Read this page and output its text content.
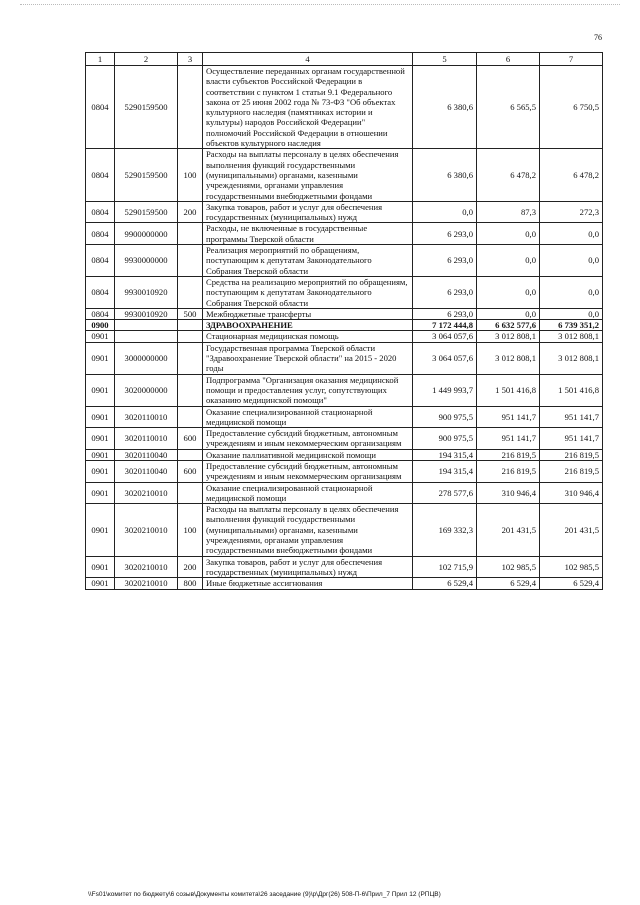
76
1	2	3	4	5	6	7
0804	5290159500		Осуществление переданных органам государственной власти субъектов Российской Федерации в соответствии с пунктом 1 статьи 9.1 Федерального закона от 25 июня 2002 года № 73-ФЗ "Об объектах культурного наследия (памятниках истории и культуры) народов Российской Федерации" полномочий Российской Федерации в отношении объектов культурного наследия	6 380,6	6 565,5	6 750,5
0804	5290159500	100	Расходы на выплаты персоналу в целях обеспечения выполнения функций государственными (муниципальными) органами, казенными учреждениями, органами управления государственными внебюджетными фондами	6 380,6	6 478,2	6 478,2
0804	5290159500	200	Закупка товаров, работ и услуг для обеспечения государственных (муниципальных) нужд	0,0	87,3	272,3
0804	9900000000		Расходы, не включенные в государственные программы Тверской области	6 293,0	0,0	0,0
0804	9930000000		Реализация мероприятий по обращениям, поступающим к депутатам Законодательного Собрания Тверской области	6 293,0	0,0	0,0
0804	9930010920		Средства на реализацию мероприятий по обращениям, поступающим к депутатам Законодательного Собрания Тверской области	6 293,0	0,0	0,0
0804	9930010920	500	Межбюджетные трансферты	6 293,0	0,0	0,0
0900			ЗДРАВООХРАНЕНИЕ	7 172 444,8	6 632 577,6	6 739 351,2
0901			Стационарная медицинская помощь	3 064 057,6	3 012 808,1	3 012 808,1
0901	3000000000		Государственная программа Тверской области "Здравоохранение Тверской области" на 2015 - 2020 годы	3 064 057,6	3 012 808,1	3 012 808,1
0901	3020000000		Подпрограмма "Организация оказания медицинской помощи и предоставления услуг, сопутствующих оказанию медицинской помощи"	1 449 993,7	1 501 416,8	1 501 416,8
0901	3020110010		Оказание специализированной стационарной медицинской помощи	900 975,5	951 141,7	951 141,7
0901	3020110010	600	Предоставление субсидий бюджетным, автономным учреждениям и иным некоммерческим организациям	900 975,5	951 141,7	951 141,7
0901	3020110040		Оказание паллиативной медицинской помощи	194 315,4	216 819,5	216 819,5
0901	3020110040	600	Предоставление субсидий бюджетным, автономным учреждениям и иным некоммерческим организациям	194 315,4	216 819,5	216 819,5
0901	3020210010		Оказание специализированной стационарной медицинской помощи	278 577,6	310 946,4	310 946,4
0901	3020210010	100	Расходы на выплаты персоналу в целях обеспечения выполнения функций государственными (муниципальными) органами, казенными учреждениями, органами управления государственными внебюджетными фондами	169 332,3	201 431,5	201 431,5
0901	3020210010	200	Закупка товаров, работ и услуг для обеспечения государственных (муниципальных) нужд	102 715,9	102 985,5	102 985,5
0901	3020210010	800	Иные бюджетные ассигнования	6 529,4	6 529,4	6 529,4
\\Fs01\комитет по бюджету\6 созыв\Документы комитета\26 заседание (9)\р\Дрг(26) 508-П-6\Прил_7 Прил 12 (РПЦВ)
